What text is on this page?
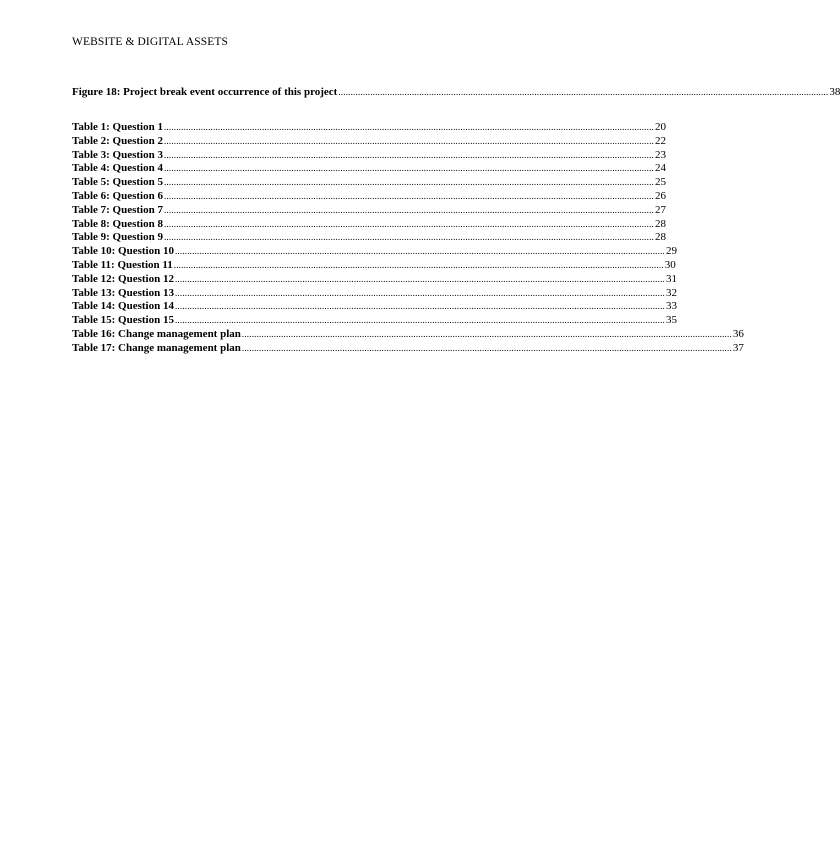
WEBSITE & DIGITAL ASSETS
Figure 18: Project break event occurrence of this project ........................................................................................................................................................................................................ 38
Table 1: Question 1 ........................................................................................................................................................................................................ 20
Table 2: Question 2 ........................................................................................................................................................................................................ 22
Table 3: Question 3 ........................................................................................................................................................................................................ 23
Table 4: Question 4 ........................................................................................................................................................................................................ 24
Table 5: Question 5 ........................................................................................................................................................................................................ 25
Table 6: Question 6 ........................................................................................................................................................................................................ 26
Table 7: Question 7 ........................................................................................................................................................................................................ 27
Table 8: Question 8 ........................................................................................................................................................................................................ 28
Table 9: Question 9 ........................................................................................................................................................................................................ 28
Table 10: Question 10 ........................................................................................................................................................................................................ 29
Table 11: Question 11 ........................................................................................................................................................................................................ 30
Table 12: Question 12 ........................................................................................................................................................................................................ 31
Table 13: Question 13 ........................................................................................................................................................................................................ 32
Table 14: Question 14 ........................................................................................................................................................................................................ 33
Table 15: Question 15 ........................................................................................................................................................................................................ 35
Table 16: Change management plan ........................................................................................................................................................................................................ 36
Table 17: Change management plan ........................................................................................................................................................................................................ 37
